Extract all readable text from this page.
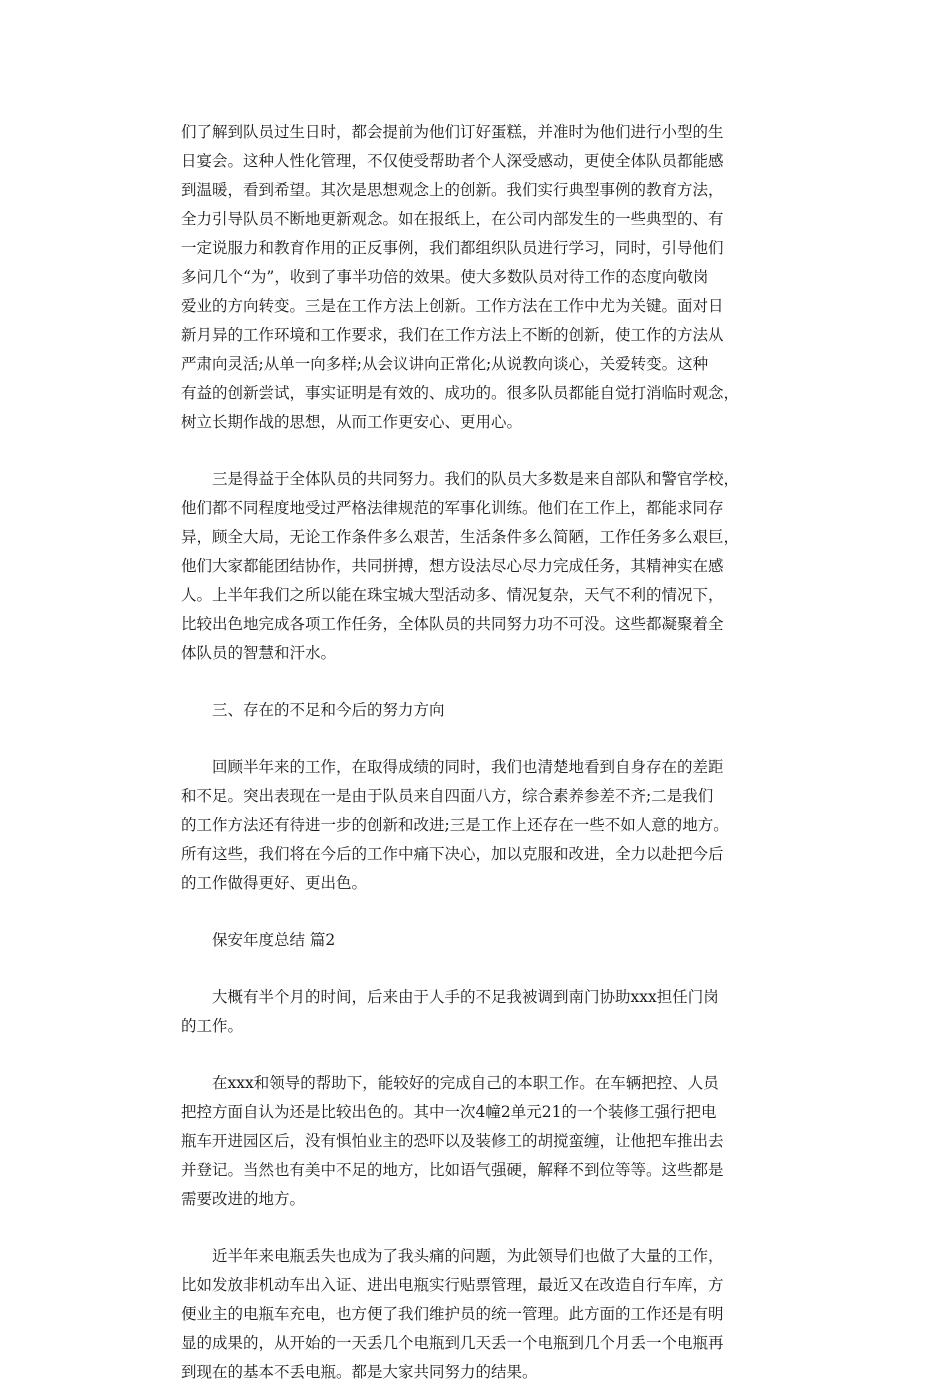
们了解到队员过生日时，都会提前为他们订好蛋糕，并准时为他们进行小型的生
日宴会。这种人性化管理，不仅使受帮助者个人深受感动，更使全体队员都能感
到温暖，看到希望。其次是思想观念上的创新。我们实行典型事例的教育方法，
全力引导队员不断地更新观念。如在报纸上，在公司内部发生的一些典型的、有
一定说服力和教育作用的正反事例，我们都组织队员进行学习，同时，引导他们
多问几个“为”，收到了事半功倍的效果。使大多数队员对待工作的态度向敬岗
爱业的方向转变。三是在工作方法上创新。工作方法在工作中尤为关键。面对日
新月异的工作环境和工作要求，我们在工作方法上不断的创新，使工作的方法从
严肃向灵活;从单一向多样;从会议讲向正常化;从说教向谈心，关爱转变。这种
有益的创新尝试，事实证明是有效的、成功的。很多队员都能自觉打消临时观念，
树立长期作战的思想，从而工作更安心、更用心。
　　三是得益于全体队员的共同努力。我们的队员大多数是来自部队和警官学校，
他们都不同程度地受过严格法律规范的军事化训练。他们在工作上，都能求同存
异，顾全大局，无论工作条件多么艰苦，生活条件多么简陋，工作任务多么艰巨，
他们大家都能团结协作，共同拼搏，想方设法尽心尽力完成任务，其精神实在感
人。上半年我们之所以能在珠宝城大型活动多、情况复杂，天气不利的情况下，
比较出色地完成各项工作任务，全体队员的共同努力功不可没。这些都凝聚着全
体队员的智慧和汗水。
　　三、存在的不足和今后的努力方向
　　回顾半年来的工作，在取得成绩的同时，我们也清楚地看到自身存在的差距
和不足。突出表现在一是由于队员来自四面八方，综合素养参差不齐;二是我们
的工作方法还有待进一步的创新和改进;三是工作上还存在一些不如人意的地方。
所有这些，我们将在今后的工作中痛下决心，加以克服和改进，全力以赴把今后
的工作做得更好、更出色。
　　保安年度总结 篇2
　　大概有半个月的时间，后来由于人手的不足我被调到南门协助xxx担任门岗
的工作。
　　在xxx和领导的帮助下，能较好的完成自己的本职工作。在车辆把控、人员
把控方面自认为还是比较出色的。其中一次4幢2单元21的一个装修工强行把电
瓶车开进园区后，没有惧怕业主的恐吓以及装修工的胡搅蛮缠，让他把车推出去
并登记。当然也有美中不足的地方，比如语气强硬，解释不到位等等。这些都是
需要改进的地方。
　　近半年来电瓶丢失也成为了我头痛的问题，为此领导们也做了大量的工作，
比如发放非机动车出入证、进出电瓶实行贴票管理，最近又在改造自行车库，方
便业主的电瓶车充电，也方便了我们维护员的统一管理。此方面的工作还是有明
显的成果的，从开始的一天丢几个电瓶到几天丢一个电瓶到几个月丢一个电瓶再
到现在的基本不丢电瓶。都是大家共同努力的结果。
